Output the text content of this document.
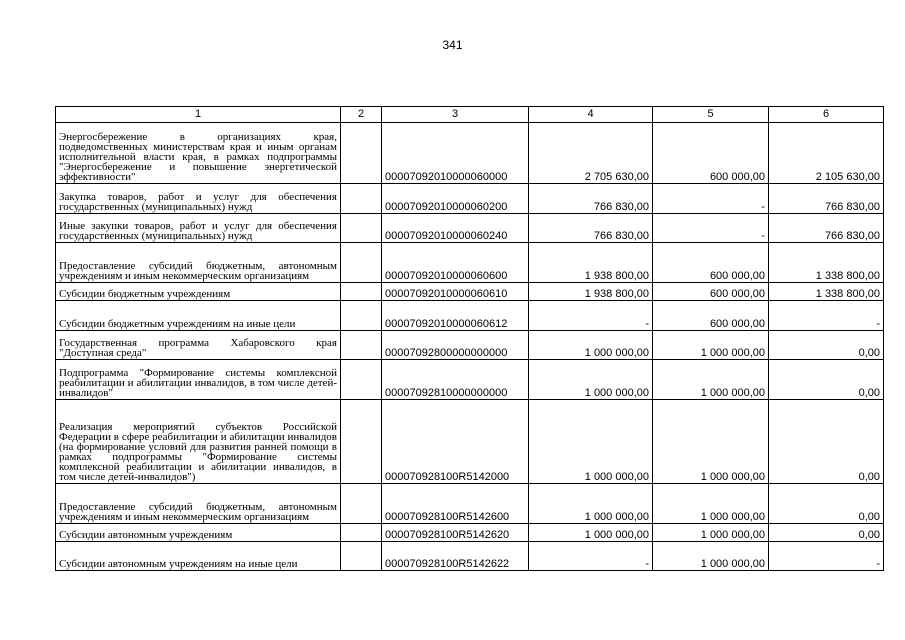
341
1	2	3	4	5	6
Энергосбережение в организациях края, подведомственных министерствам края и иным органам исполнительной власти края, в рамках подпрограммы "Энергосбережение и повышение энергетической эффективности"		00007092010000060000	2 705 630,00	600 000,00	2 105 630,00
Закупка товаров, работ и услуг для обеспечения государственных (муниципальных) нужд		00007092010000060200	766 830,00	-	766 830,00
Иные закупки товаров, работ и услуг для обеспечения государственных (муниципальных) нужд		00007092010000060240	766 830,00	-	766 830,00
Предоставление субсидий бюджетным, автономным учреждениям и иным некоммерческим организациям		00007092010000060600	1 938 800,00	600 000,00	1 338 800,00
Субсидии бюджетным учреждениям		00007092010000060610	1 938 800,00	600 000,00	1 338 800,00
Субсидии бюджетным учреждениям на иные цели		00007092010000060612	-	600 000,00	-
Государственная программа Хабаровского края "Доступная среда"		00007092800000000000	1 000 000,00	1 000 000,00	0,00
Подпрограмма "Формирование системы комплексной реабилитации и абилитации инвалидов, в том числе детей-инвалидов"		00007092810000000000	1 000 000,00	1 000 000,00	0,00
Реализация мероприятий субъектов Российской Федерации в сфере реабилитации и абилитации инвалидов (на формирование условий для развития ранней помощи в рамках подпрограммы "Формирование системы комплексной реабилитации и абилитации инвалидов, в том числе детей-инвалидов")		000070928100R5142000	1 000 000,00	1 000 000,00	0,00
Предоставление субсидий бюджетным, автономным учреждениям и иным некоммерческим организациям		000070928100R5142600	1 000 000,00	1 000 000,00	0,00
Субсидии автономным учреждениям		000070928100R5142620	1 000 000,00	1 000 000,00	0,00
Субсидии автономным учреждениям на иные цели		000070928100R5142622	-	1 000 000,00	-
